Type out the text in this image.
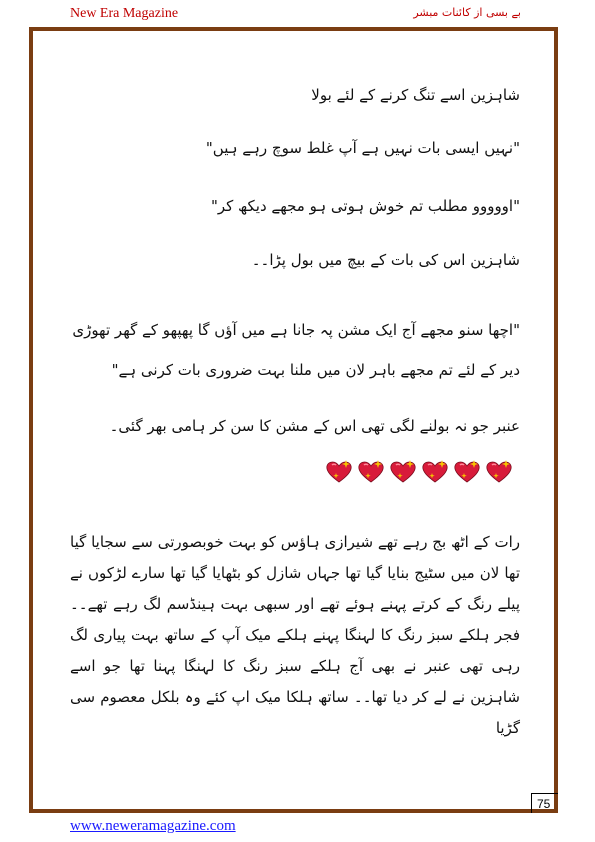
New Era Magazine	بے بسی از کائنات مبشر

شاہزین اسے تنگ کرنے کے لئے بولا

"نہیں ایسی بات نہیں ہے آپ غلط سوچ رہے ہیں"

"اووووو مطلب تم خوش ہوتی ہو مجھے دیکھ کر"

شاہزین اس کی بات کے بیچ میں بول پڑا۔۔

"اچھا سنو مجھے آج ایک مشن پہ جانا ہے میں آؤں گا پھپھو کے گھر تھوڑی دیر کے لئے تم مجھے باہر لان میں ملنا بہت ضروری بات کرنی ہے"

عنبر جو نہ بولنے لگی تھی اس کے مشن کا سن کر ہامی بھر گئی۔

رات کے اٹھ بج رہے تھے شیرازی ہاؤس کو بہت خوبصورتی سے سجایا گیا تھا لان میں سٹیج بنایا گیا تھا جہاں شازل کو بٹھایا گیا تھا سارے لڑکوں نے پیلے رنگ کے کرتے پہنے ہوئے تھے اور سبھی بہت ہینڈسم لگ رہے تھے۔۔ فجر ہلکے سبز رنگ کا لہنگا پہنے ہلکے میک آپ کے ساتھ بہت پیاری لگ رہی تھی عنبر نے بھی آج ہلکے سبز رنگ کا لہنگا پہنا تھا جو اسے شاہزین نے لے کر دیا تھا۔۔ ساتھ ہلکا میک اپ کئے وہ بلکل معصوم سی گڑیا

75
www.neweramagazine.com
